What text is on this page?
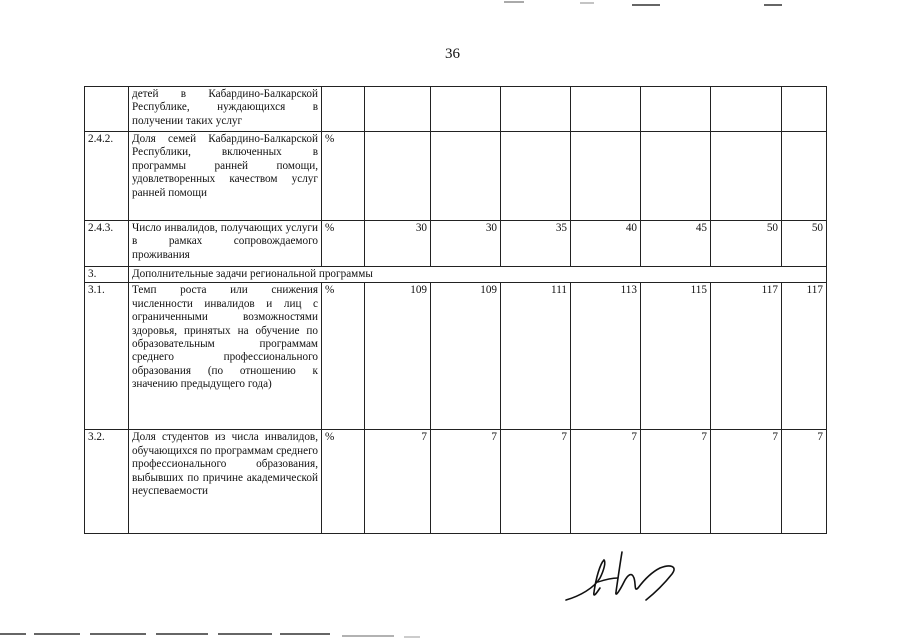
36
	детей в Кабардино-Балкарской Республике, нуждающихся в получении таких услуг								
2.4.2.	Доля семей Кабардино-Балкарской Республики, включенных в программы ранней помощи, удовлетворенных качеством услуг ранней помощи	%							
2.4.3.	Число инвалидов, получающих услуги в рамках сопровождаемого проживания	%	30	30	35	40	45	50	50
3.	Дополнительные задачи региональной программы								
3.1.	Темп роста или снижения численности инвалидов и лиц с ограниченными возможностями здоровья, принятых на обучение по образовательным программам среднего профессионального образования (по отношению к значению предыдущего года)	%	109	109	111	113	115	117	117
3.2.	Доля студентов из числа инвалидов, обучающихся по программам среднего профессионального образования, выбывших по причине академической неуспеваемости	%	7	7	7	7	7	7	7
